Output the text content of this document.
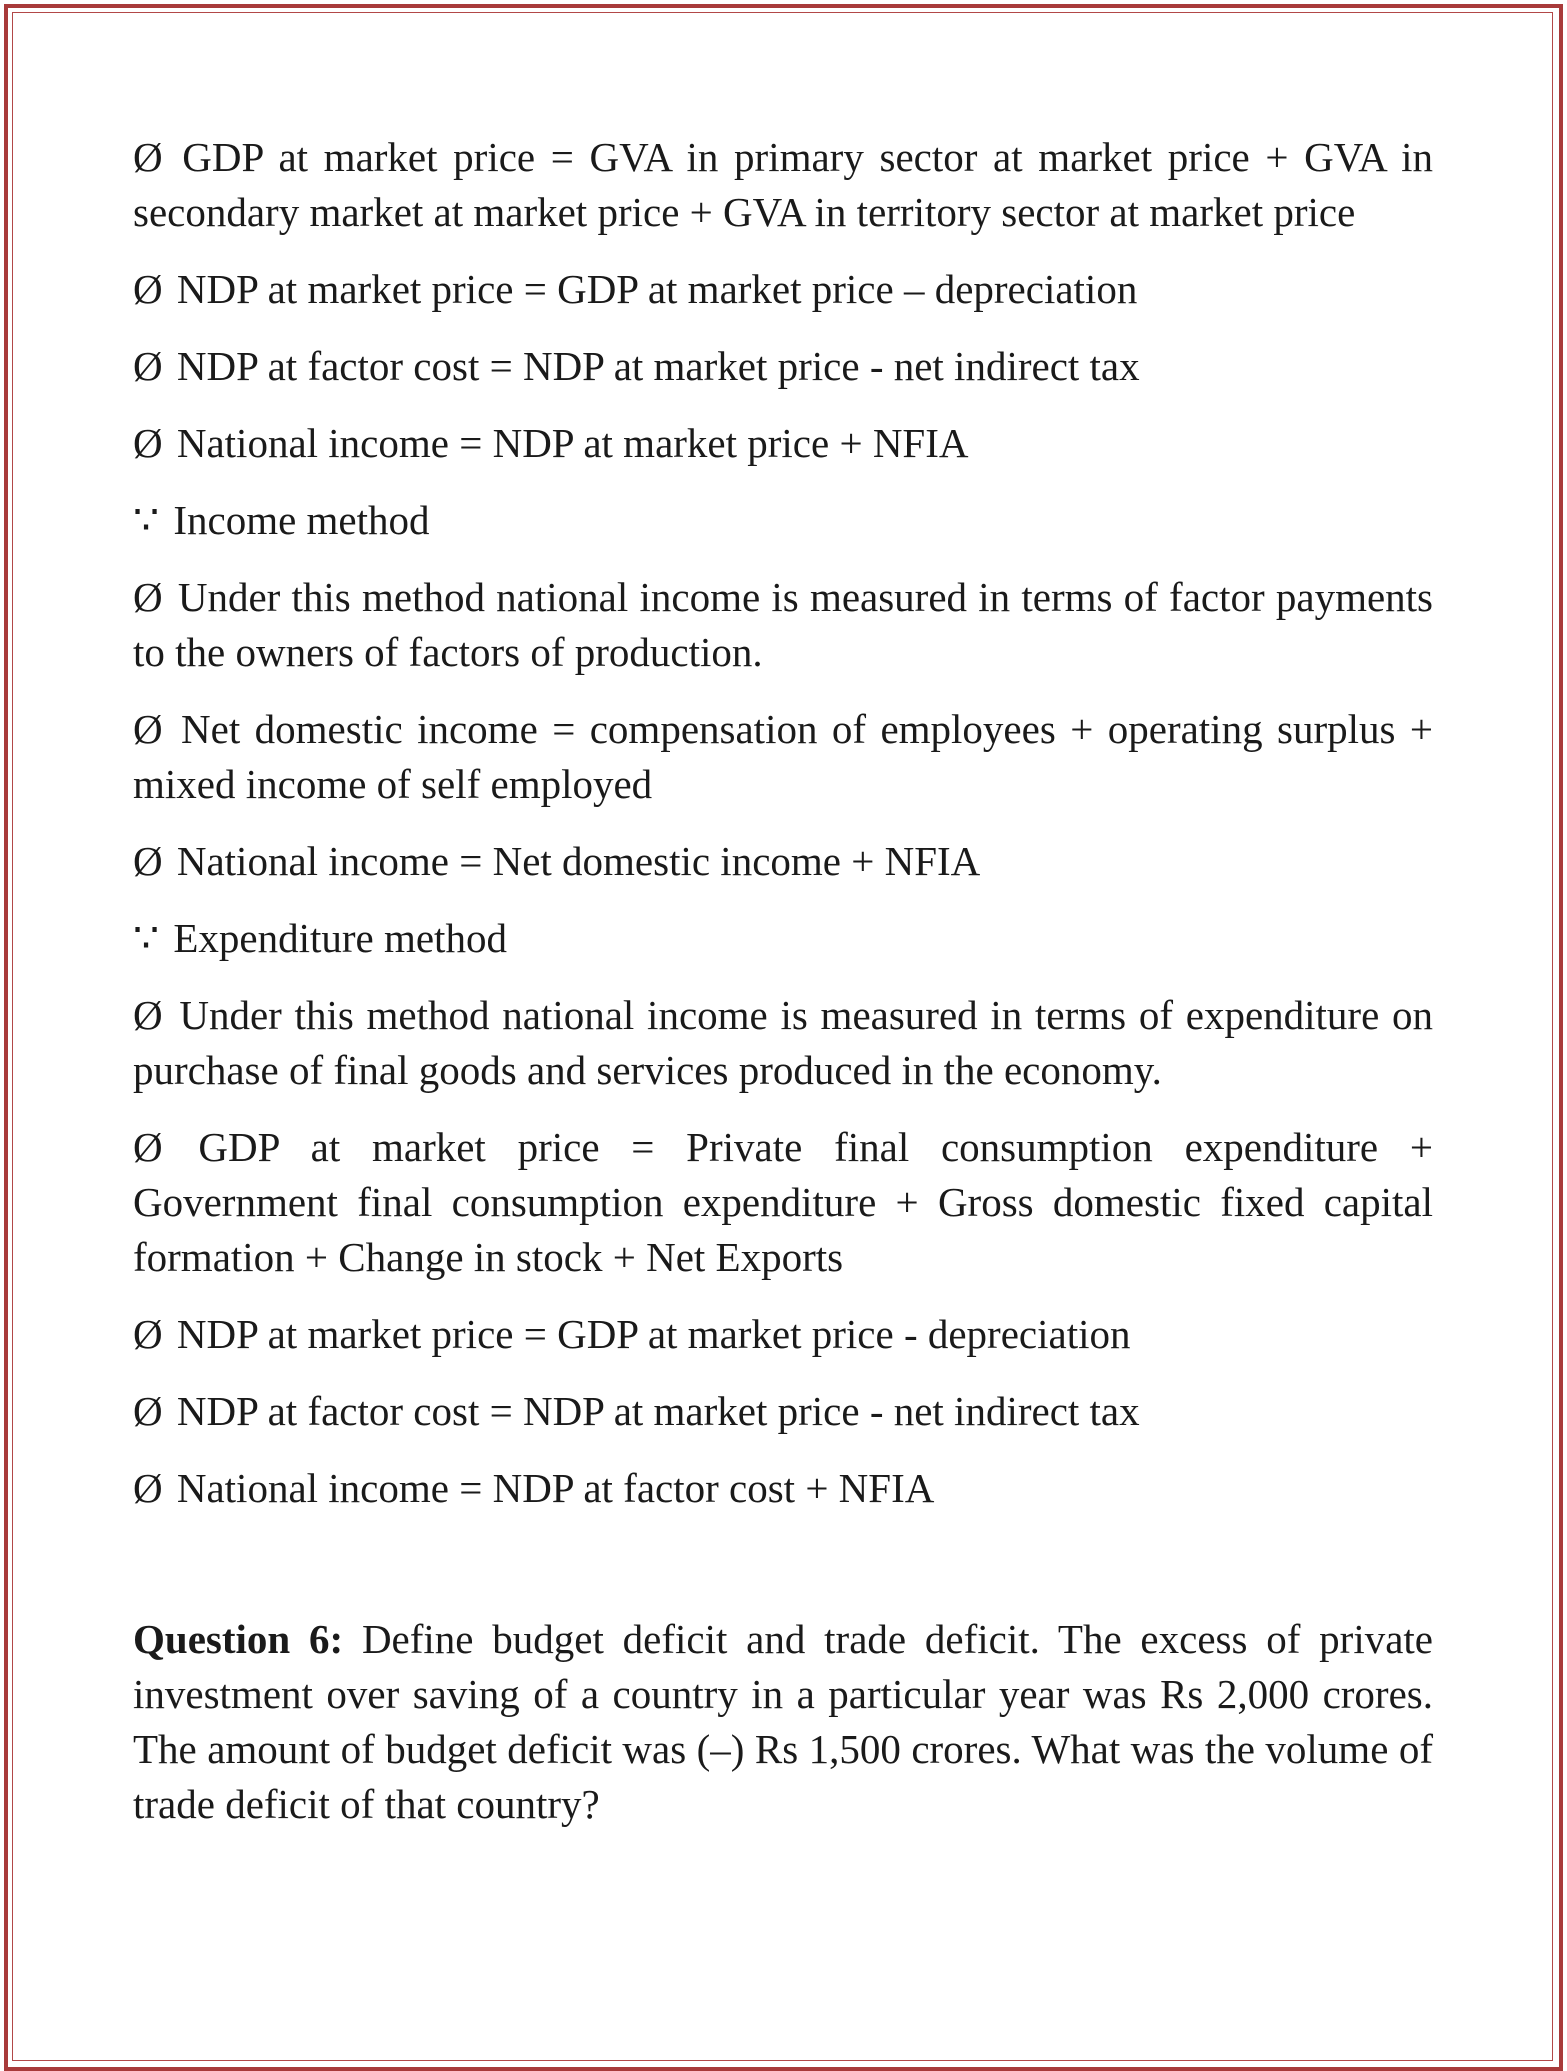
Ø GDP at market price = GVA in primary sector at market price + GVA in secondary market at market price + GVA in territory sector at market price

Ø NDP at market price = GDP at market price – depreciation

Ø NDP at factor cost = NDP at market price - net indirect tax

Ø National income = NDP at market price + NFIA

∵ Income method

Ø Under this method national income is measured in terms of factor payments to the owners of factors of production.

Ø Net domestic income = compensation of employees + operating surplus + mixed income of self employed

Ø National income = Net domestic income + NFIA

∵ Expenditure method

Ø Under this method national income is measured in terms of expenditure on purchase of final goods and services produced in the economy.

Ø GDP at market price = Private final consumption expenditure + Government final consumption expenditure + Gross domestic fixed capital formation + Change in stock + Net Exports

Ø NDP at market price = GDP at market price - depreciation

Ø NDP at factor cost = NDP at market price - net indirect tax

Ø National income = NDP at factor cost + NFIA

Question 6: Define budget deficit and trade deficit. The excess of private investment over saving of a country in a particular year was Rs 2,000 crores. The amount of budget deficit was (–) Rs 1,500 crores. What was the volume of trade deficit of that country?
